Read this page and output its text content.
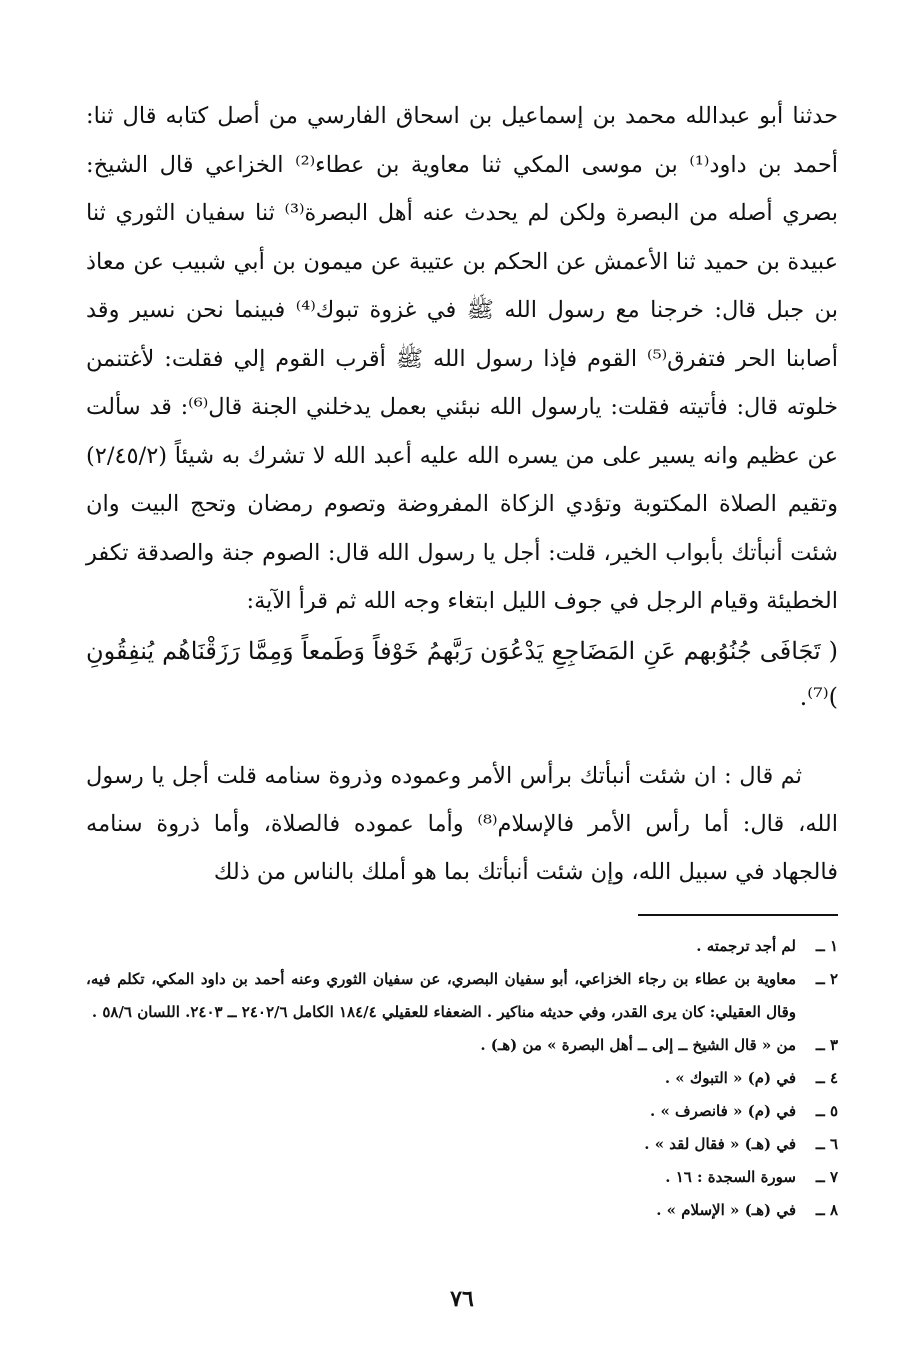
حدثنا أبو عبدالله محمد بن إسماعيل بن اسحاق الفارسي من أصل كتابه قال ثنا: أحمد بن داود⁽¹⁾ بن موسى المكي ثنا معاوية بن عطاء⁽²⁾ الخزاعي قال الشيخ: بصري أصله من البصرة ولكن لم يحدث عنه أهل البصرة⁽³⁾ ثنا سفيان الثوري ثنا عبيدة بن حميد ثنا الأعمش عن الحكم بن عتيبة عن ميمون بن أبي شبيب عن معاذ بن جبل قال: خرجنا مع رسول الله ﷺ في غزوة تبوك⁽⁴⁾ فبينما نحن نسير وقد أصابنا الحر فتفرق⁽⁵⁾ القوم فإذا رسول الله ﷺ أقرب القوم إلي فقلت: لأغتنمن خلوته قال: فأتيته فقلت: يارسول الله نبئني بعمل يدخلني الجنة قال⁽⁶⁾: قد سألت عن عظيم وانه يسير على من يسره الله عليه أعبد الله لا تشرك به شيئاً (٢/٤٥/٢) وتقيم الصلاة المكتوبة وتؤدي الزكاة المفروضة وتصوم رمضان وتحج البيت وان شئت أنبأتك بأبواب الخير، قلت: أجل يا رسول الله قال: الصوم جنة والصدقة تكفر الخطيئة وقيام الرجل في جوف الليل ابتغاء وجه الله ثم قرأ الآية:

( تَجَافَى جُنُوُبهم عَنِ المَضَاجِعِ يَدْعُوَن رَبَّهمُ خَوْفاً وَطَمعاً وَمِمَّا رَزَقْنَاهُم يُنفِقُونِ )⁽⁷⁾.
ثم قال : ان شئت أنبأتك برأس الأمر وعموده وذروة سنامه قلت أجل يا رسول الله، قال: أما رأس الأمر فالإسلام⁽⁸⁾ وأما عموده فالصلاة، وأما ذروة سنامه فالجهاد في سبيل الله، وإن شئت أنبأتك بما هو أملك بالناس من ذلك
١ ــ
لم أجد ترجمته .
٢ ــ
معاوية بن عطاء بن رجاء الخزاعي، أبو سفيان البصري، عن سفيان الثوري وعنه أحمد بن داود المكي، تكلم فيه، وقال العقيلي: كان يرى القدر، وفي حديثه مناكير . الضعفاء للعقيلي ١٨٤/٤ الكامل ٢٤٠٢/٦ ــ ٢٤٠٣. اللسان ٥٨/٦ .
٣ ــ
من « قال الشيخ ــ إلى ــ أهل البصرة » من (هـ) .
٤ ــ
في (م) « التبوك » .
٥ ــ
في (م) « فانصرف » .
٦ ــ
في (هـ) « فقال لقد » .
٧ ــ
سورة السجدة : ١٦ .
٨ ــ
في (هـ) « الإسلام » .
٧٦
